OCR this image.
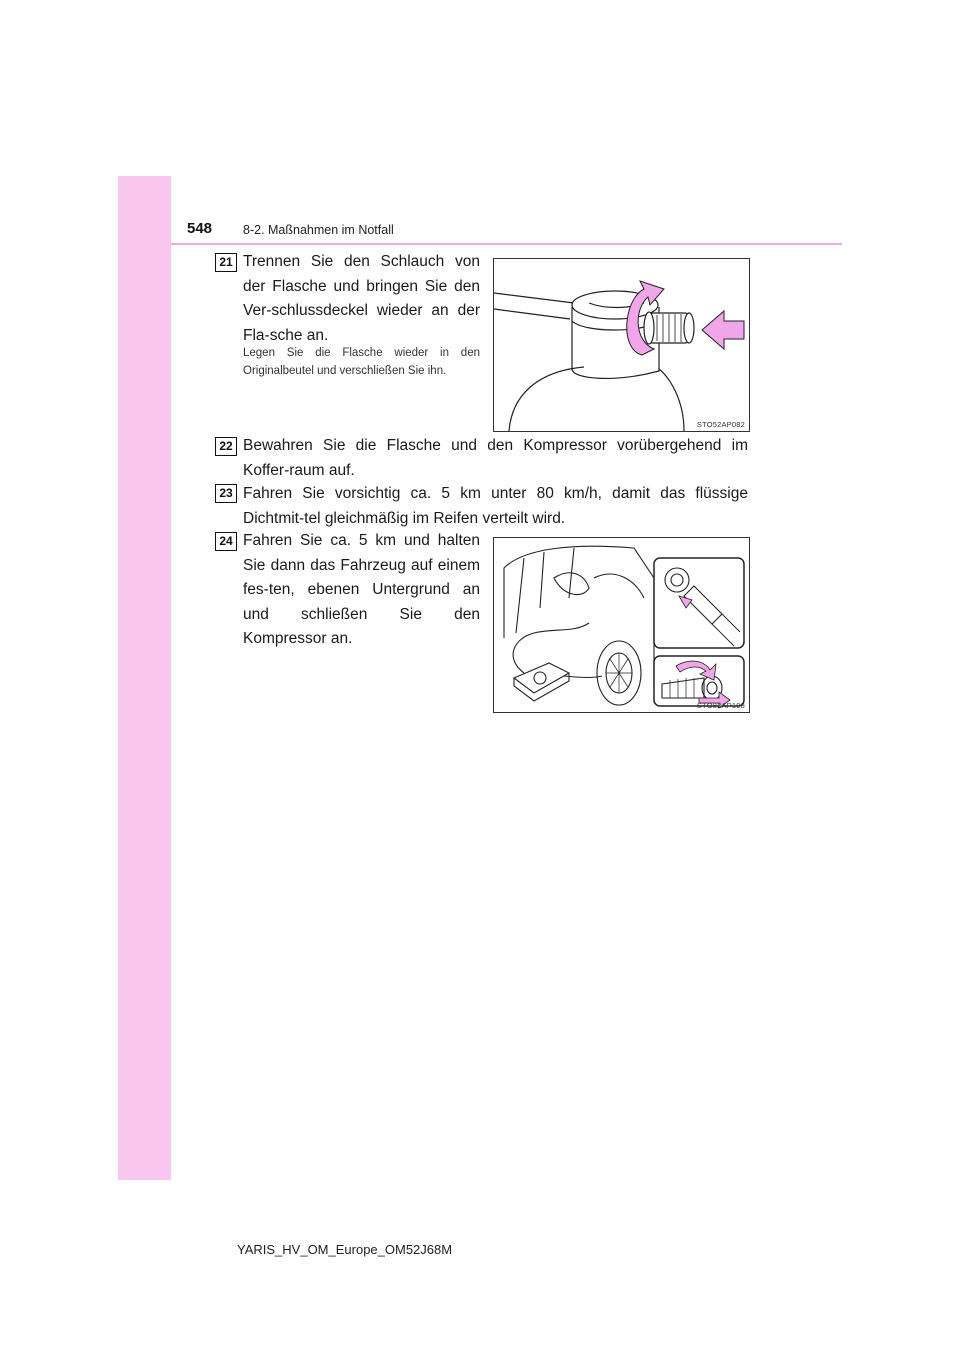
548 8-2. Maßnahmen im Notfall
21 Trennen Sie den Schlauch von der Flasche und bringen Sie den Ver-schlussdeckel wieder an der Fla-sche an.
Legen Sie die Flasche wieder in den Originalbeutel und verschließen Sie ihn.
STO52AP082
22 Bewahren Sie die Flasche und den Kompressor vorübergehend im Koffer-raum auf.
23 Fahren Sie vorsichtig ca. 5 km unter 80 km/h, damit das flüssige Dichtmit-tel gleichmäßig im Reifen verteilt wird.
24 Fahren Sie ca. 5 km und halten Sie dann das Fahrzeug auf einem fes-ten, ebenen Untergrund an und schließen Sie den Kompressor an.
STO82AP108
YARIS_HV_OM_Europe_OM52J68M
